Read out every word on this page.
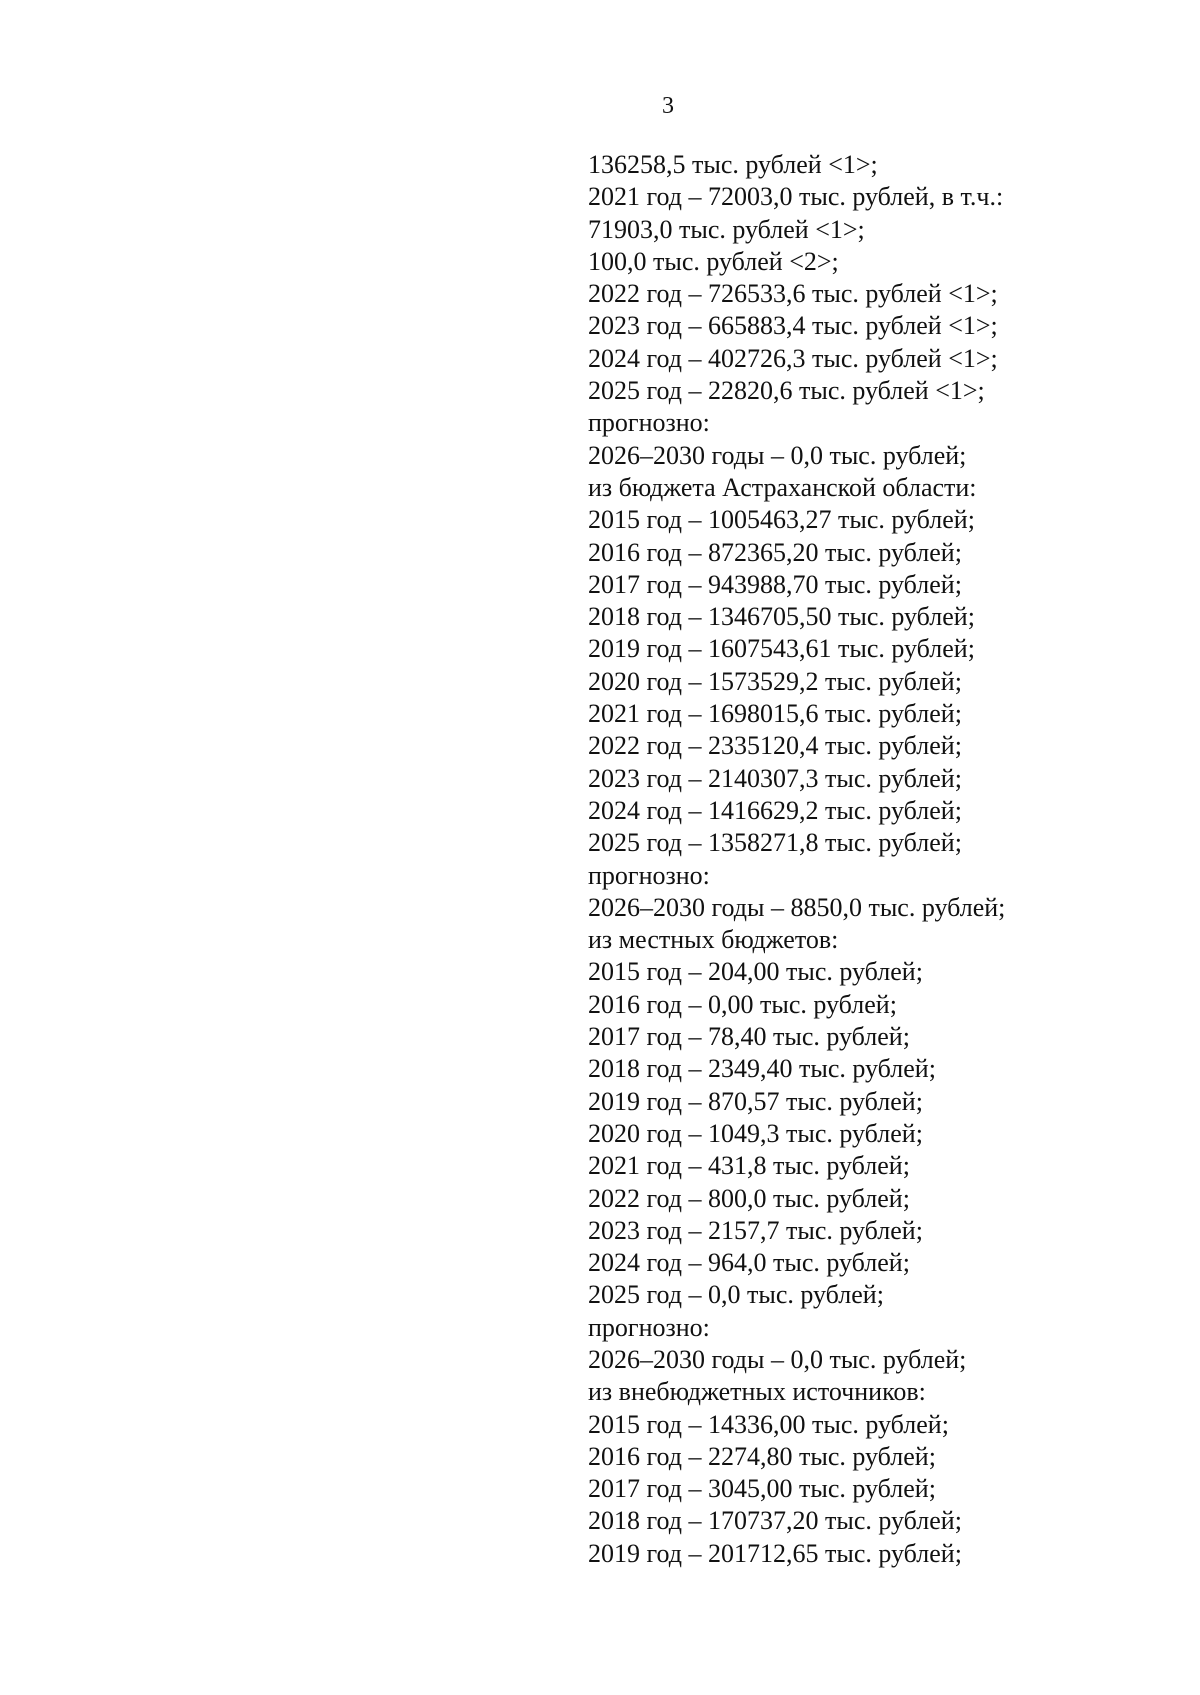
3
136258,5 тыс. рублей <1>;
2021 год – 72003,0 тыс. рублей, в т.ч.:
71903,0 тыс. рублей <1>;
100,0 тыс. рублей <2>;
2022 год – 726533,6 тыс. рублей <1>;
2023 год – 665883,4 тыс. рублей <1>;
2024 год – 402726,3 тыс. рублей <1>;
2025 год – 22820,6 тыс. рублей <1>;
прогнозно:
2026–2030 годы – 0,0 тыс. рублей;
из бюджета Астраханской области:
2015 год – 1005463,27 тыс. рублей;
2016 год – 872365,20 тыс. рублей;
2017 год – 943988,70 тыс. рублей;
2018 год – 1346705,50 тыс. рублей;
2019 год – 1607543,61 тыс. рублей;
2020 год – 1573529,2 тыс. рублей;
2021 год – 1698015,6 тыс. рублей;
2022 год – 2335120,4 тыс. рублей;
2023 год – 2140307,3 тыс. рублей;
2024 год – 1416629,2 тыс. рублей;
2025 год – 1358271,8 тыс. рублей;
прогнозно:
2026–2030 годы – 8850,0 тыс. рублей;
из местных бюджетов:
2015 год – 204,00 тыс. рублей;
2016 год – 0,00 тыс. рублей;
2017 год – 78,40 тыс. рублей;
2018 год – 2349,40 тыс. рублей;
2019 год – 870,57 тыс. рублей;
2020 год – 1049,3 тыс. рублей;
2021 год – 431,8 тыс. рублей;
2022 год – 800,0 тыс. рублей;
2023 год – 2157,7 тыс. рублей;
2024 год – 964,0 тыс. рублей;
2025 год – 0,0 тыс. рублей;
прогнозно:
2026–2030 годы – 0,0 тыс. рублей;
из внебюджетных источников:
2015 год – 14336,00 тыс. рублей;
2016 год – 2274,80 тыс. рублей;
2017 год – 3045,00 тыс. рублей;
2018 год – 170737,20 тыс. рублей;
2019 год – 201712,65 тыс. рублей;
